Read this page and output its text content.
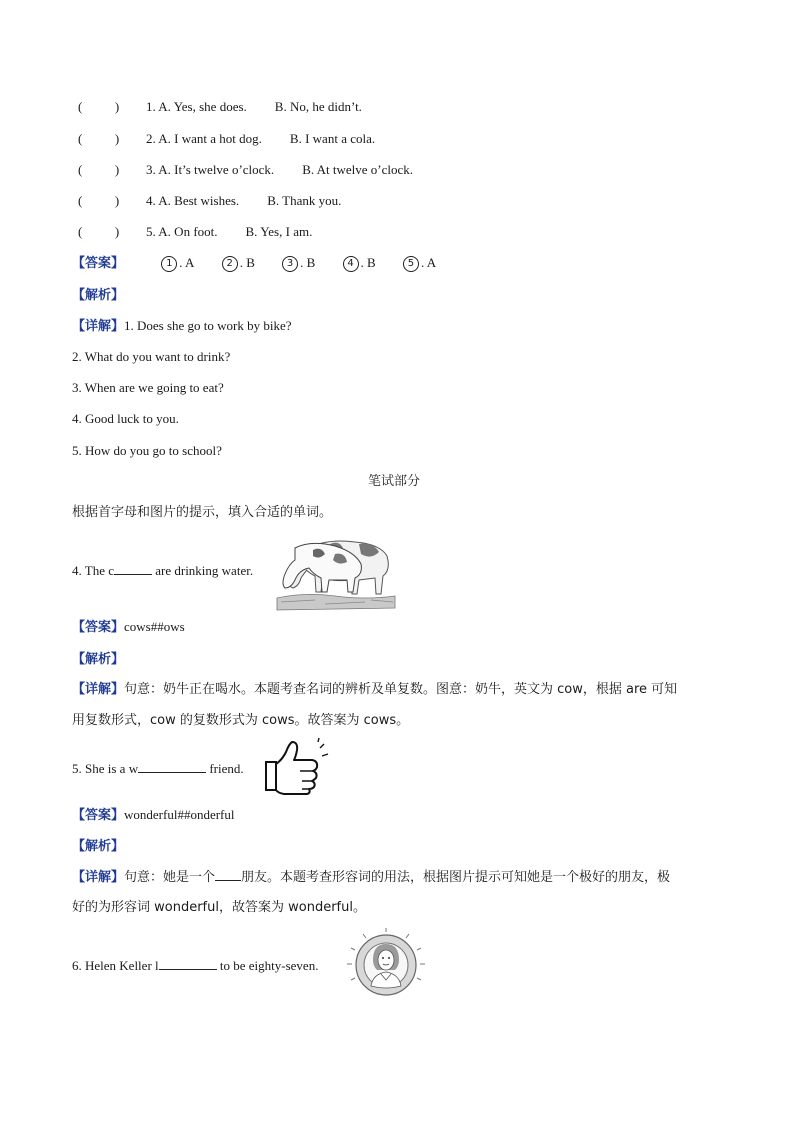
(          ) 1. A. Yes, she does. B. No, he didn’t.
(          ) 2. A. I want a hot dog. B. I want a cola.
(          ) 3. A. It’s twelve o’clock. B. At twelve o’clock.
(          ) 4. A. Best wishes. B. Thank you.
(          ) 5. A. On foot. B. Yes, I am.
【答案】	1 . A	2 . B	3 . B	4 . B	5 . A
【解析】
【详解】1. Does she go to work by bike?
2. What do you want to drink?
3. When are we going to eat?
4. Good luck to you.
5. How do you go to school?
笔试部分
根据首字母和图片的提示，填入合适的单词。
4. The c	are drinking water.
【答案】cows##ows
【解析】
【详解】句意：奶牛正在喝水。本题考查名词的辨析及单复数。图意：奶牛，英文为 cow，根据 are 可知
用复数形式，cow 的复数形式为 cows。故答案为 cows。
5. She is a w	friend.
【答案】wonderful##onderful
【解析】
【详解】句意：她是一个 朋友。本题考查形容词的用法，根据图片提示可知她是一个极好的朋友，极
好的为形容词 wonderful，故答案为 wonderful。
6. Helen Keller l	to be eighty-seven.
